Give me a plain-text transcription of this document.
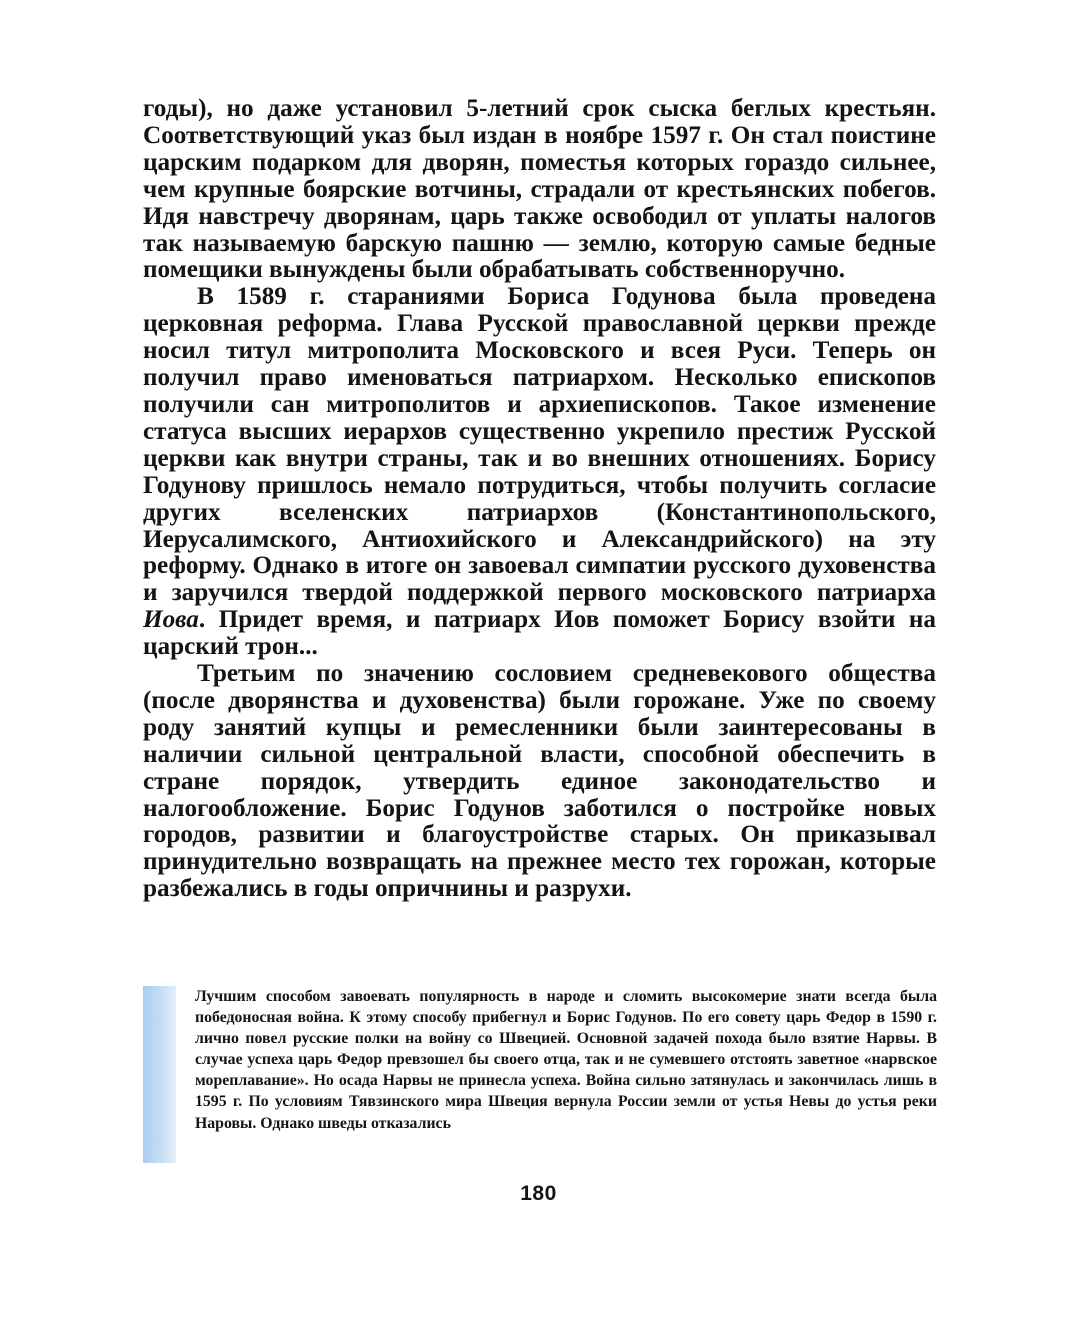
годы), но даже установил 5-летний срок сыска беглых крестьян. Соответствующий указ был издан в ноябре 1597 г. Он стал поистине царским подарком для дворян, поместья которых гораздо сильнее, чем крупные боярские вотчины, страдали от крестьянских побегов. Идя навстречу дворянам, царь также освободил от уплаты налогов так называемую барскую пашню — землю, которую самые бедные помещики вынуждены были обрабатывать собственноручно.

В 1589 г. стараниями Бориса Годунова была проведена церковная реформа. Глава Русской православной церкви прежде носил титул митрополита Московского и всея Руси. Теперь он получил право именоваться патриархом. Несколько епископов получили сан митрополитов и архиепископов. Такое изменение статуса высших иерархов существенно укрепило престиж Русской церкви как внутри страны, так и во внешних отношениях. Борису Годунову пришлось немало потрудиться, чтобы получить согласие других вселенских патриархов (Константинопольского, Иерусалимского, Антиохийского и Александрийского) на эту реформу. Однако в итоге он завоевал симпатии русского духовенства и заручился твердой поддержкой первого московского патриарха Иова. Придет время, и патриарх Иов поможет Борису взойти на царский трон...

Третьим по значению сословием средневекового общества (после дворянства и духовенства) были горожане. Уже по своему роду занятий купцы и ремесленники были заинтересованы в наличии сильной центральной власти, способной обеспечить в стране порядок, утвердить единое законодательство и налогообложение. Борис Годунов заботился о постройке новых городов, развитии и благоустройстве старых. Он приказывал принудительно возвращать на прежнее место тех горожан, которые разбежались в годы опричнины и разрухи.

Лучшим способом завоевать популярность в народе и сломить высокомерие знати всегда была победоносная война. К этому способу прибегнул и Борис Годунов. По его совету царь Федор в 1590 г. лично повел русские полки на войну со Швецией. Основной задачей похода было взятие Нарвы. В случае успеха царь Федор превзошел бы своего отца, так и не сумевшего отстоять заветное «нарвское мореплавание». Но осада Нарвы не принесла успеха. Война сильно затянулась и закончилась лишь в 1595 г. По условиям Тявзинского мира Швеция вернула России земли от устья Невы до устья реки Наровы. Однако шведы отказались

180
